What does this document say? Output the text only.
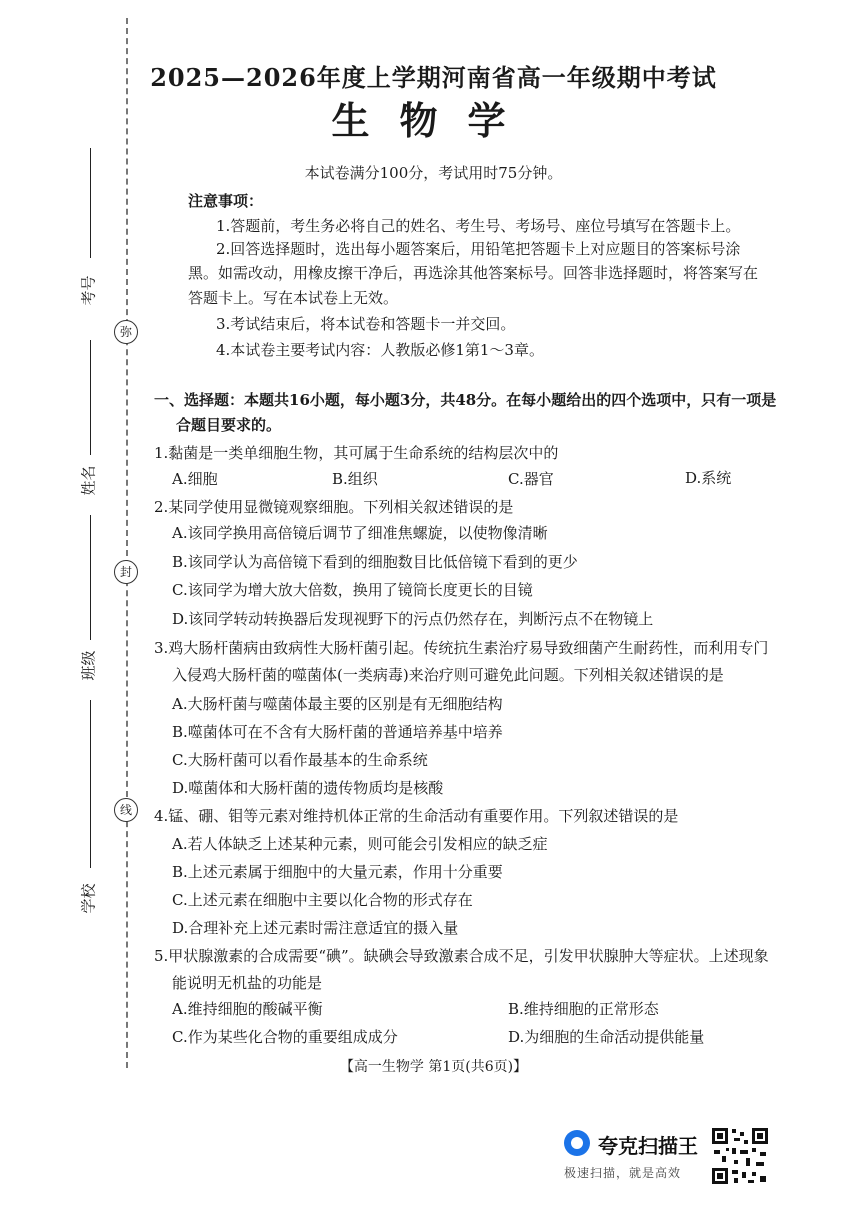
弥
封
线
考号
姓名
班级
学校
2025—2026年度上学期河南省高一年级期中考试
生物学
本试卷满分100分，考试用时75分钟。
注意事项：
1.答题前，考生务必将自己的姓名、考生号、考场号、座位号填写在答题卡上。
2.回答选择题时，选出每小题答案后，用铅笔把答题卡上对应题目的答案标号涂
黑。如需改动，用橡皮擦干净后，再选涂其他答案标号。回答非选择题时，将答案写在
答题卡上。写在本试卷上无效。
3.考试结束后，将本试卷和答题卡一并交回。
4.本试卷主要考试内容：人教版必修1第1～3章。
一、选择题：本题共16小题，每小题3分，共48分。在每小题给出的四个选项中，只有一项是
合题目要求的。
1.黏菌是一类单细胞生物，其可属于生命系统的结构层次中的
A.细胞	B.组织	C.器官	D.系统
2.某同学使用显微镜观察细胞。下列相关叙述错误的是
A.该同学换用高倍镜后调节了细准焦螺旋，以使物像清晰
B.该同学认为高倍镜下看到的细胞数目比低倍镜下看到的更少
C.该同学为增大放大倍数，换用了镜筒长度更长的目镜
D.该同学转动转换器后发现视野下的污点仍然存在，判断污点不在物镜上
3.鸡大肠杆菌病由致病性大肠杆菌引起。传统抗生素治疗易导致细菌产生耐药性，而利用专门
入侵鸡大肠杆菌的噬菌体(一类病毒)来治疗则可避免此问题。下列相关叙述错误的是
A.大肠杆菌与噬菌体最主要的区别是有无细胞结构
B.噬菌体可在不含有大肠杆菌的普通培养基中培养
C.大肠杆菌可以看作最基本的生命系统
D.噬菌体和大肠杆菌的遗传物质均是核酸
4.锰、硼、钼等元素对维持机体正常的生命活动有重要作用。下列叙述错误的是
A.若人体缺乏上述某种元素，则可能会引发相应的缺乏症
B.上述元素属于细胞中的大量元素，作用十分重要
C.上述元素在细胞中主要以化合物的形式存在
D.合理补充上述元素时需注意适宜的摄入量
5.甲状腺激素的合成需要“碘”。缺碘会导致激素合成不足，引发甲状腺肿大等症状。上述现象
能说明无机盐的功能是
A.维持细胞的酸碱平衡	B.维持细胞的正常形态
C.作为某些化合物的重要组成成分	D.为细胞的生命活动提供能量
【高一生物学 第1页(共6页)】
夸克扫描王
极速扫描，就是高效
